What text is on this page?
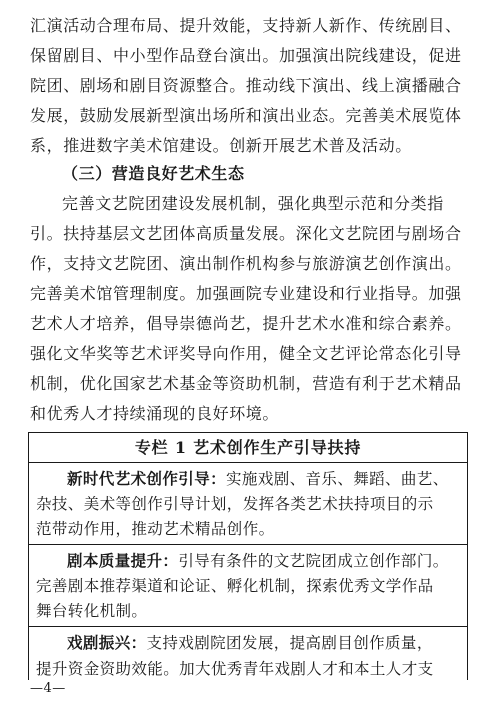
汇演活动合理布局、提升效能，支持新人新作、传统剧目、
保留剧目、中小型作品登台演出。加强演出院线建设，促进
院团、剧场和剧目资源整合。推动线下演出、线上演播融合
发展，鼓励发展新型演出场所和演出业态。完善美术展览体
系，推进数字美术馆建设。创新开展艺术普及活动。
（三）营造良好艺术生态
完善文艺院团建设发展机制，强化典型示范和分类指
引。扶持基层文艺团体高质量发展。深化文艺院团与剧场合
作，支持文艺院团、演出制作机构参与旅游演艺创作演出。
完善美术馆管理制度。加强画院专业建设和行业指导。加强
艺术人才培养，倡导崇德尚艺，提升艺术水准和综合素养。
强化文华奖等艺术评奖导向作用，健全文艺评论常态化引导
机制，优化国家艺术基金等资助机制，营造有利于艺术精品
专栏 1 艺术创作生产引导扶持
新时代艺术创作引导：实施戏剧、音乐、舞蹈、曲艺、
杂技、美术等创作引导计划，发挥各类艺术扶持项目的示
范带动作用，推动艺术精品创作。
剧本质量提升：引导有条件的文艺院团成立创作部门。
完善剧本推荐渠道和论证、孵化机制，探索优秀文学作品
舞台转化机制。
戏剧振兴：支持戏剧院团发展，提高剧目创作质量，
提升资金资助效能。加大优秀青年戏剧人才和本土人才支
—4—
和优秀人才持续涌现的良好环境。
